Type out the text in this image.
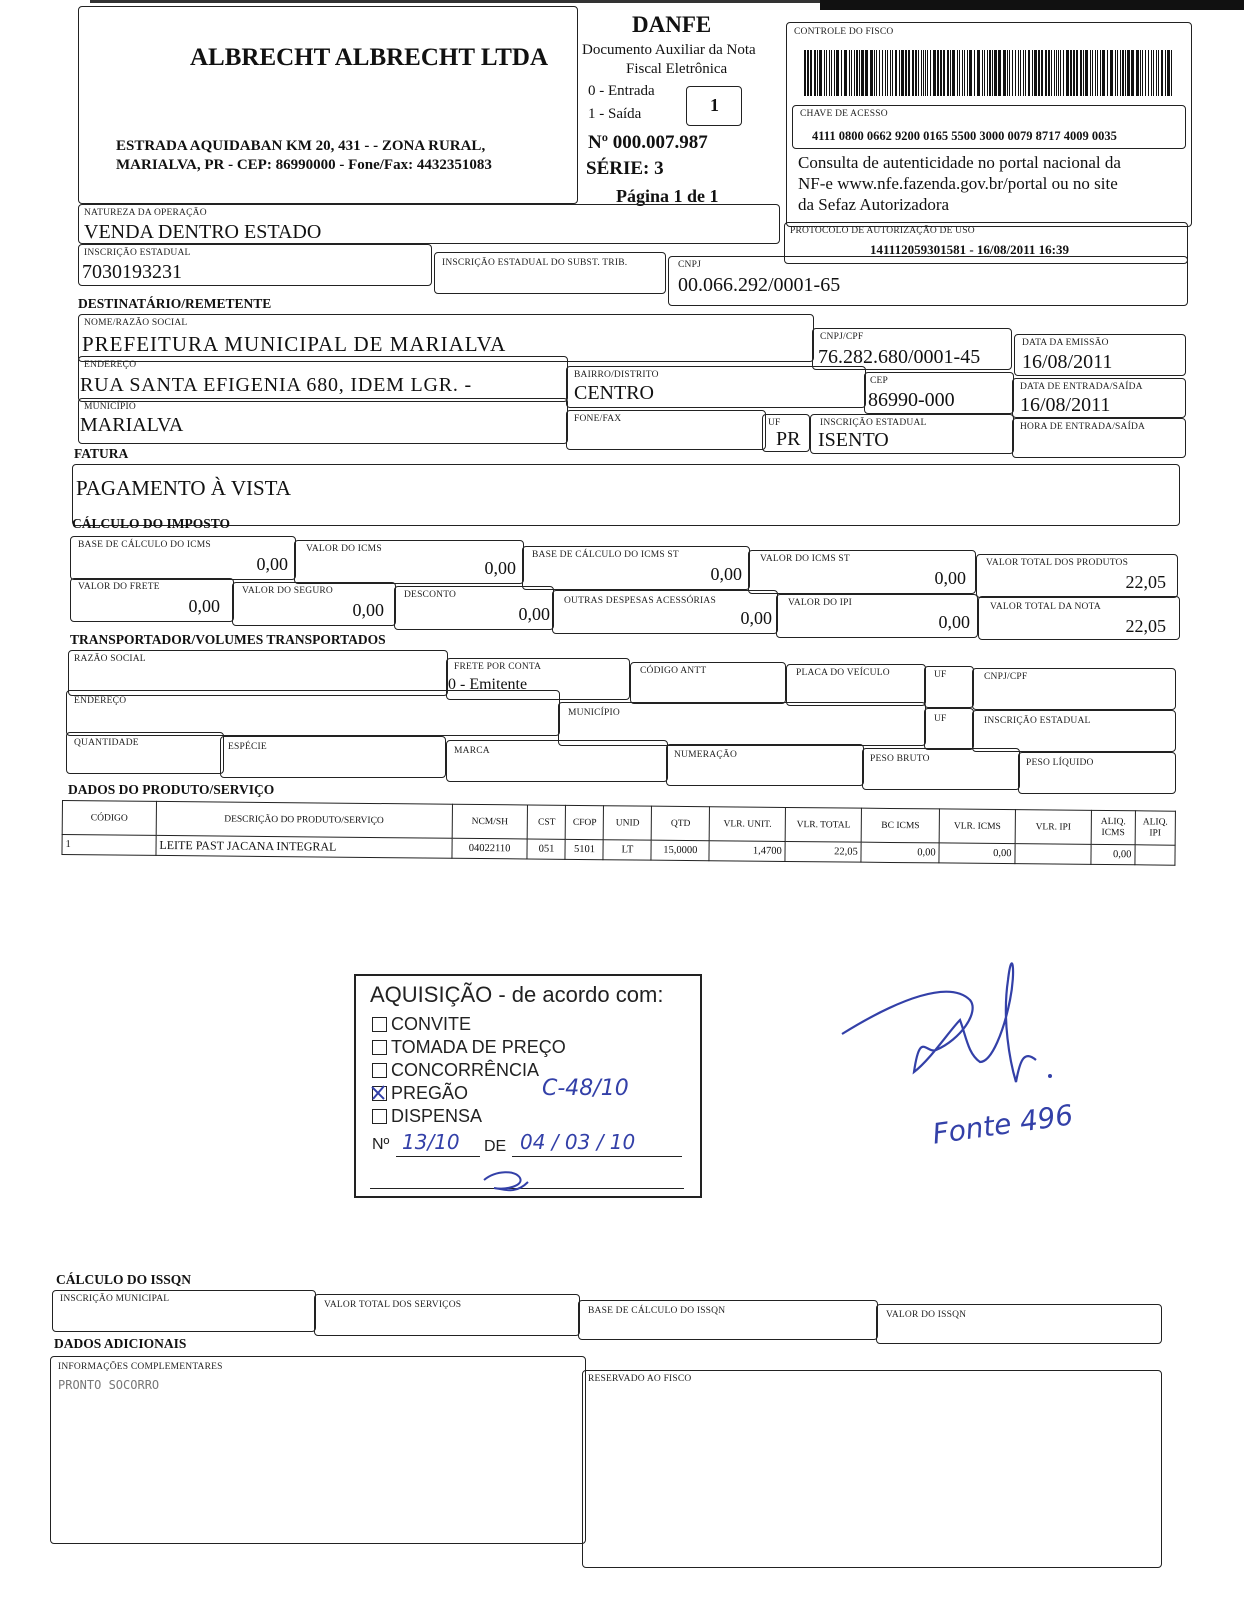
ALBRECHT ALBRECHT LTDA
ESTRADA AQUIDABAN KM 20, 431 - - ZONA RURAL,
MARIALVA, PR - CEP: 86990000 - Fone/Fax: 4432351083
DANFE
Documento Auxiliar da Nota
Fiscal Eletrônica
0 - Entrada
1 - Saída	1
Nº 000.007.987
SÉRIE: 3
Página 1 de 1
CONTROLE DO FISCO
CHAVE DE ACESSO
4111 0800 0662 9200 0165 5500 3000 0079 8717 4009 0035
Consulta de autenticidade no portal nacional da
NF-e www.nfe.fazenda.gov.br/portal ou no site
da Sefaz Autorizadora
NATUREZA DA OPERAÇÃO
VENDA DENTRO ESTADO	PROTOCOLO DE AUTORIZAÇÃO DE USO
141112059301581 - 16/08/2011 16:39
INSCRIÇÃO ESTADUAL
7030193231	INSCRIÇÃO ESTADUAL DO SUBST. TRIB.	CNPJ
00.066.292/0001-65
DESTINATÁRIO/REMETENTE
NOME/RAZÃO SOCIAL
PREFEITURA MUNICIPAL DE MARIALVA	CNPJ/CPF
76.282.680/0001-45
DATA DA EMISSÃO
16/08/2011
ENDEREÇO
RUA SANTA EFIGENIA 680, IDEM LGR. -	BAIRRO/DISTRITO
CENTRO
CEP
86990-000
DATA DE ENTRADA/SAÍDA
16/08/2011
MUNICÍPIO
MARIALVA	FONE/FAX	UF
PR
INSCRIÇÃO ESTADUAL
ISENTO
HORA DE ENTRADA/SAÍDA
FATURA
PAGAMENTO À VISTA
CÁLCULO DO IMPOSTO
BASE DE CÁLCULO DO ICMS
0,00
VALOR DO ICMS
0,00
BASE DE CÁLCULO DO ICMS ST
0,00
VALOR DO ICMS ST
0,00
VALOR TOTAL DOS PRODUTOS
22,05
VALOR DO FRETE
0,00
VALOR DO SEGURO
0,00
DESCONTO
0,00
OUTRAS DESPESAS ACESSÓRIAS
0,00
VALOR DO IPI
0,00
VALOR TOTAL DA NOTA
22,05
TRANSPORTADOR/VOLUMES TRANSPORTADOS
RAZÃO SOCIAL
FRETE POR CONTA
0 - Emitente
CÓDIGO ANTT	PLACA DO VEÍCULO	UF	CNPJ/CPF
ENDEREÇO
MUNICÍPIO
UF	INSCRIÇÃO ESTADUAL
QUANTIDADE	ESPÉCIE	MARCA	NUMERAÇÃO	PESO BRUTO	PESO LÍQUIDO
DADOS DO PRODUTO/SERVIÇO
CÓDIGO	DESCRIÇÃO DO PRODUTO/SERVIÇO	NCM/SH	CST	CFOP	UNID	QTD	VLR. UNIT.	VLR. TOTAL	BC ICMS	VLR. ICMS	VLR. IPI	ALIQ. ICMS	ALIQ. IPI
1	LEITE PAST JACANA INTEGRAL	04022110	051	5101	LT	15,0000	1,4700	22,05	0,00	0,00		0,00	
AQUISIÇÃO - de acordo com:
CONVITE
TOMADA DE PREÇO
CONCORRÊNCIA
PREGÃO	C-48/10
DISPENSA
Nº 13/10 DE 04 / 03 / 10	Fonte 496
CÁLCULO DO ISSQN
INSCRIÇÃO MUNICIPAL
VALOR TOTAL DOS SERVIÇOS
BASE DE CÁLCULO DO ISSQN	VALOR DO ISSQN
DADOS ADICIONAIS
INFORMAÇÕES COMPLEMENTARES
PRONTO SOCORRO	RESERVADO AO FISCO
